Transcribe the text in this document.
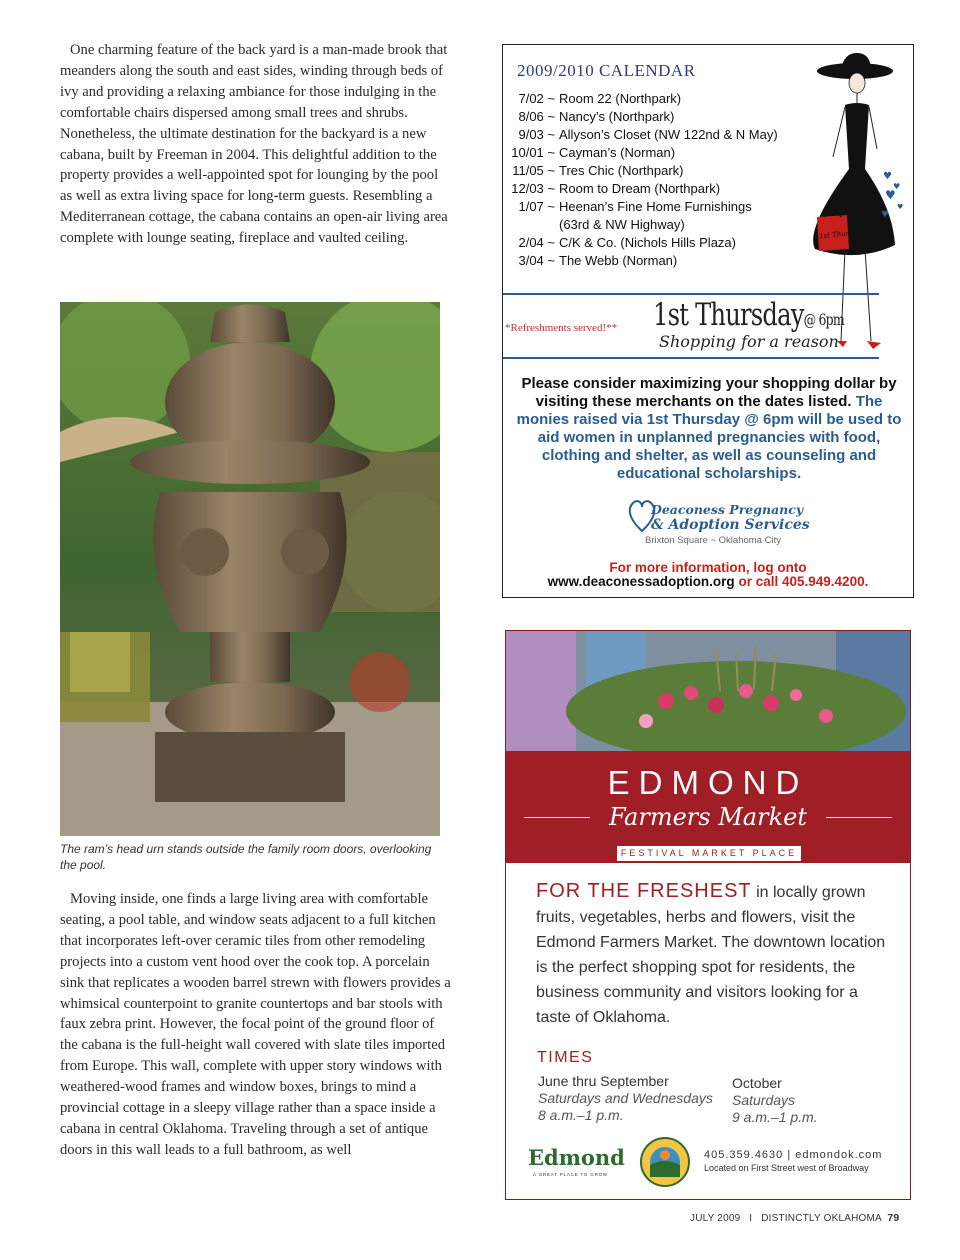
One charming feature of the back yard is a man-made brook that meanders along the south and east sides, winding through beds of ivy and providing a relaxing ambiance for those indulging in the comfortable chairs dispersed among small trees and shrubs. Nonetheless, the ultimate destination for the backyard is a new cabana, built by Freeman in 2004. This delightful addition to the property provides a well-appointed spot for lounging by the pool as well as extra living space for long-term guests. Resembling a Mediterranean cottage, the cabana contains an open-air living area complete with lounge seating, fireplace and vaulted ceiling.

The ram’s head urn stands outside the family room doors, overlooking the pool.

Moving inside, one finds a large living area with comfortable seating, a pool table, and window seats adjacent to a full kitchen that incorporates left-over ceramic tiles from other remodeling projects into a custom vent hood over the cook top. A porcelain sink that replicates a wooden barrel strewn with flowers provides a whimsical counterpoint to granite countertops and bar stools with faux zebra print. However, the focal point of the ground floor of the cabana is the full-height wall covered with slate tiles imported from Europe. This wall, complete with upper story windows with weathered-wood frames and window boxes, brings to mind a provincial cottage in a sleepy village rather than a space inside a cabana in central Oklahoma. Traveling through a set of antique doors in this wall leads to a full bathroom, as well

2009/2010 CALENDAR
7/02 ~ Room 22 (Northpark)
8/06 ~ Nancy’s (Northpark)
9/03 ~ Allyson’s Closet (NW 122nd & N May)
10/01 ~ Cayman’s (Norman)
11/05 ~ Tres Chic (Northpark)
12/03 ~ Room to Dream (Northpark)
1/07 ~ Heenan’s Fine Home Furnishings
(63rd & NW Highway)
2/04 ~ C/K & Co. (Nichols Hills Plaza)
3/04 ~ The Webb (Norman)
1st Thursday
♥
♥
♥
♥
♥
*Refreshments served!** 1st Thursday@ 6pm
Shopping for a reason
Please consider maximizing your shopping dollar by visiting these merchants on the dates listed. The monies raised via 1st Thursday @ 6pm will be used to aid women in unplanned pregnancies with food, clothing and shelter, as well as counseling and educational scholarships.
Deaconess Pregnancy
& Adoption Services
Brixton Square ~ Oklahoma City
For more information, log onto
www.deaconessadoption.org or call 405.949.4200.
EDMOND
Farmers Market
FESTIVAL MARKET PLACE
FOR THE FRESHEST in locally grown fruits, vegetables, herbs and flowers, visit the Edmond Farmers Market. The downtown location is the perfect shopping spot for residents, the business community and visitors looking for a taste of Oklahoma.
TIMES
June thru September
Saturdays and Wednesdays
8 a.m.–1 p.m.
October
Saturdays
9 a.m.–1 p.m.
Edmond
A GREAT PLACE TO GROW
405.359.4630 | edmondok.com
Located on First Street west of Broadway
JULY 2009 I DISTINCTLY OKLAHOMA 79
